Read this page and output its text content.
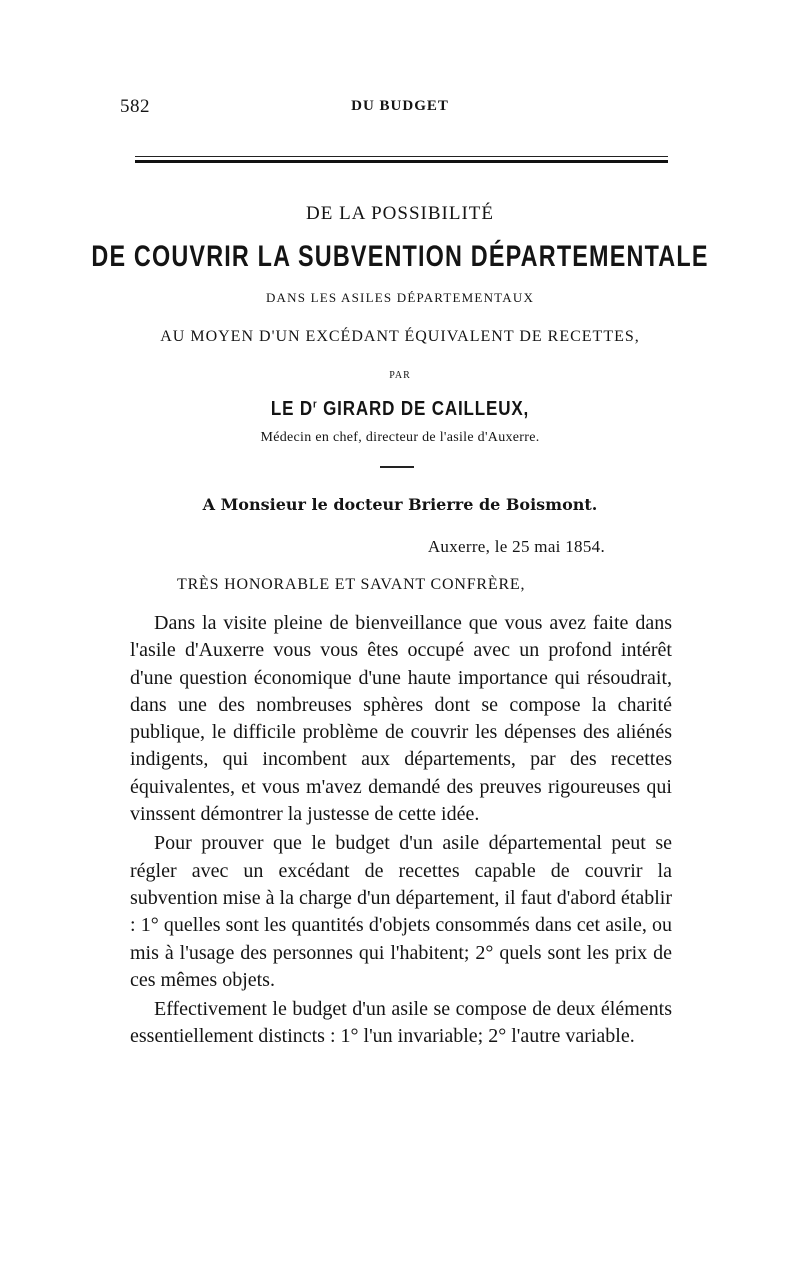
582	DU BUDGET
DE LA POSSIBILITÉ
DE COUVRIR LA SUBVENTION DÉPARTEMENTALE
DANS LES ASILES DÉPARTEMENTAUX
AU MOYEN D'UN EXCÉDANT ÉQUIVALENT DE RECETTES,
PAR
LE $D^r$ GIRARD DE CAILLEUX,
Médecin en chef, directeur de l'asile d'Auxerre.
A Monsieur le docteur Brierre de Boismont.
Auxerre, le 25 mai 1854.
TRÈS HONORABLE ET SAVANT CONFRÈRE,

Dans la visite pleine de bienveillance que vous avez faite dans l'asile d'Auxerre vous vous êtes occupé avec un profond intérêt d'une question économique d'une haute importance qui résoudrait, dans une des nombreuses sphères dont se compose la charité publique, le difficile problème de couvrir les dépenses des aliénés indigents, qui incombent aux départements, par des recettes équivalentes, et vous m'avez demandé des preuves rigoureuses qui vinssent démontrer la justesse de cette idée.

Pour prouver que le budget d'un asile départemental peut se régler avec un excédant de recettes capable de couvrir la subvention mise à la charge d'un département, il faut d'abord établir : 1° quelles sont les quantités d'objets consommés dans cet asile, ou mis à l'usage des personnes qui l'habitent; 2° quels sont les prix de ces mêmes objets.

Effectivement le budget d'un asile se compose de deux éléments essentiellement distincts : 1° l'un invariable; 2° l'autre variable.
